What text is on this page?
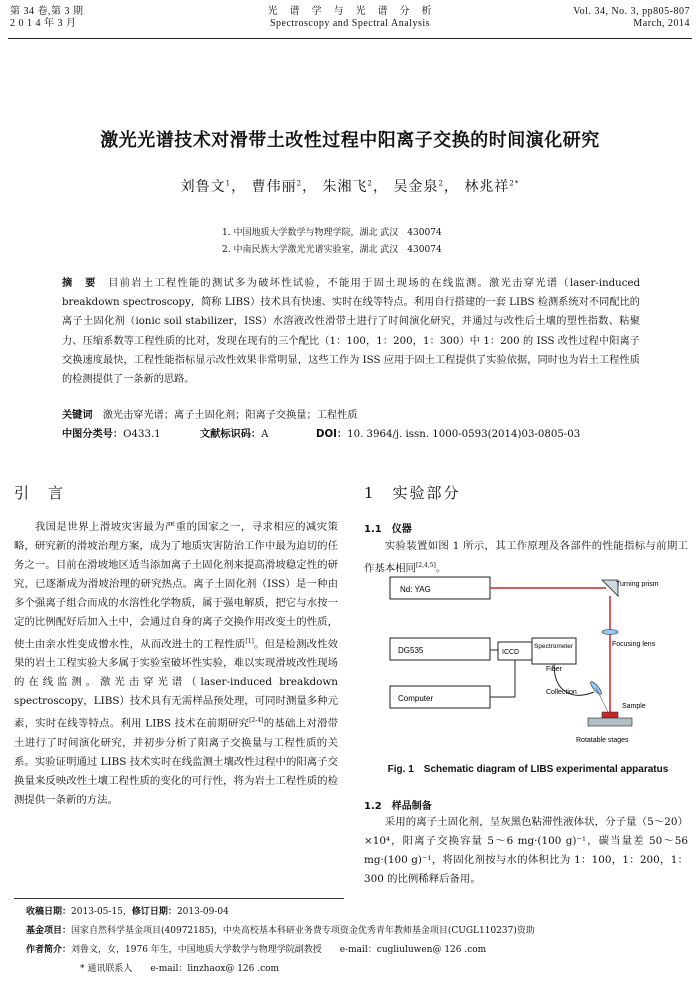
第 34 卷,第 3 期
2 0 1 4 年 3 月
光　谱　学　与　光　谱　分　析
Spectroscopy and Spectral Analysis
Vol. 34, No. 3, pp805-807
March, 2014
激光光谱技术对滑带土改性过程中阳离子交换的时间演化研究
刘鲁文$^1$， 曹伟丽$^2$， 朱湘飞$^2$， 吴金泉$^2$， 林兆祥$^{2*}$
1. 中国地质大学数学与物理学院，湖北 武汉　430074
2. 中南民族大学激光光谱实验室，湖北 武汉　430074
摘　要　 目前岩土工程性能的测试多为破坏性试验，不能用于固土现场的在线监测。激光击穿光谱（laser-induced breakdown spectroscopy，简称 LIBS）技术具有快速、实时在线等特点。利用自行搭建的一套 LIBS 检测系统对不同配比的离子土固化剂（ionic soil stabilizer，ISS）水溶液改性滑带土进行了时间演化研究，并通过与改性后土壤的塑性指数、粘聚力、压缩系数等工程性质的比对，发现在现有的三个配比（1：100，1：200，1：300）中 1：200 的 ISS 改性过程中阳离子交换速度最快，工程性能指标显示改性效果非常明显，这些工作为 ISS 应用于固土工程提供了实验依据，同时也为岩土工程性质的检测提供了一条新的思路。
关键词　 激光击穿光谱；离子土固化剂；阳离子交换量；工程性质
中图分类号：O433.1	文献标识码：A	DOI：10. 3964/j. issn. 1000-0593(2014)03-0805-03
引　言
我国是世界上滑坡灾害最为严重的国家之一，寻求相应的减灾策略，研究新的滑坡治理方案，成为了地质灾害防治工作中最为迫切的任务之一。目前在滑坡地区适当添加离子土固化剂来提高滑坡稳定性的研究，已逐渐成为滑坡治理的研究热点。离子土固化剂（ISS）是一种由多个强离子组合而成的水溶性化学物质，属于强电解质，把它与水按一定的比例配好后加入土中，会通过自身的离子交换作用改变土的性质，使土由亲水性变成憎水性，从而改进土的工程性质[1]。但是检测改性效果的岩土工程实验大多属于实验室破坏性实验，难以实现滑坡改性现场的在线监测。激光击穿光谱（laser-induced breakdown spectroscopy，LIBS）技术具有无需样品预处理，可同时测量多种元素，实时在线等特点。利用 LIBS 技术在前期研究[2-4]的基础上对滑带土进行了时间演化研究，并初步分析了阳离子交换量与工程性质的关系。实验证明通过 LIBS 技术实时在线监测土壤改性过程中的阳离子交换量来反映改性土壤工程性质的变化的可行性，将为岩土工程性质的检测提供一条新的方法。
1　实验部分
1.1　仪器
实验装置如图 1 所示，其工作原理及各部件的性能指标与前期工作基本相同[2,4,5]。
Nd: YAG
Turning prism
Focusing lens
DG535	ICCD
Spectrometer
Fiber
Collection
Computer
Sample
Rotatable stages
Fig. 1　Schematic diagram of LIBS experimental apparatus
1.2　样品制备
采用的离子土固化剂，呈灰黑色粘滞性液体状，分子量（5～20）×10⁴，阳离子交换容量 5～6 mg·(100 g)⁻¹，碳当量差 50～56 mg·(100 g)⁻¹，将固化剂按与水的体积比为 1：100，1：200，1：300 的比例稀释后备用。
收稿日期：2013-05-15，修订日期：2013-09-04
基金项目：国家自然科学基金项目(40972185)，中央高校基本科研业务费专项资金优秀青年教师基金项目(CUGL110237)资助
作者简介：刘鲁文，女，1976 年生，中国地质大学数学与物理学院副教授　　e-mail：cugliuluwen@ 126 .com
* 通讯联系人　　e-mail：linzhaox@ 126 .com
